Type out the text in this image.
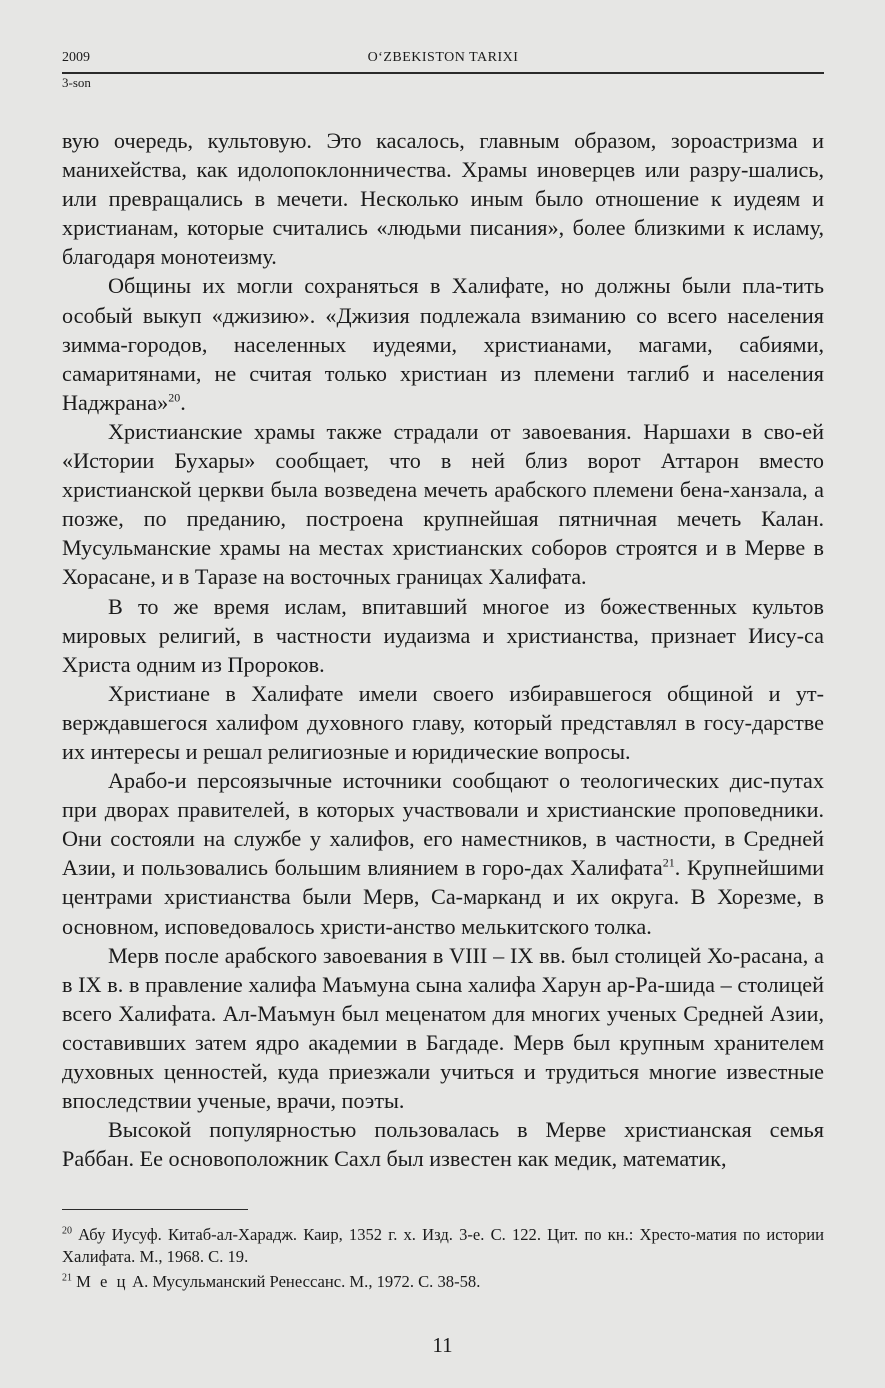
2009	O‘ZBEKISTON TARIXI
3-son

вую очередь, культовую. Это касалось, главным образом, зороастризма и манихейства, как идолопоклонничества. Храмы иноверцев или разру-шались, или превращались в мечети. Несколько иным было отношение к иудеям и христианам, которые считались «людьми писания», более близкими к исламу, благодаря монотеизму.

Общины их могли сохраняться в Халифате, но должны были пла-тить особый выкуп «джизию». «Джизия подлежала взиманию со всего населения зимма-городов, населенных иудеями, христианами, магами, сабиями, самаритянами, не считая только христиан из племени таглиб и населения Наджрана»$^{20}$.

Христианские храмы также страдали от завоевания. Наршахи в сво-ей «Истории Бухары» сообщает, что в ней близ ворот Аттарон вместо христианской церкви была возведена мечеть арабского племени бена-ханзала, а позже, по преданию, построена крупнейшая пятничная мечеть Калан. Мусульманские храмы на местах христианских соборов строятся и в Мерве в Хорасане, и в Таразе на восточных границах Халифата.

В то же время ислам, впитавший многое из божественных культов мировых религий, в частности иудаизма и христианства, признает Иису-са Христа одним из Пророков.

Христиане в Халифате имели своего избиравшегося общиной и ут-верждавшегося халифом духовного главу, который представлял в госу-дарстве их интересы и решал религиозные и юридические вопросы.

Арабо-и персоязычные источники сообщают о теологических дис-путах при дворах правителей, в которых участвовали и христианские проповедники. Они состояли на службе у халифов, его наместников, в частности, в Средней Азии, и пользовались большим влиянием в горо-дах Халифата$^{21}$. Крупнейшими центрами христианства были Мерв, Са-марканд и их округа. В Хорезме, в основном, исповедовалось христи-анство мелькитского толка.

Мерв после арабского завоевания в VIII – IX вв. был столицей Хо-расана, а в IX в. в правление халифа Маъмуна сына халифа Харун ар-Ра-шида – столицей всего Халифата. Ал-Маъмун был меценатом для многих ученых Средней Азии, составивших затем ядро академии в Багдаде. Мерв был крупным хранителем духовных ценностей, куда приезжали учиться и трудиться многие известные впоследствии ученые, врачи, поэты.

Высокой популярностью пользовалась в Мерве христианская семья Раббан. Ее основоположник Сахл был известен как медик, математик,

$^{20}$ Абу Иусуф. Китаб-ал-Харадж. Каир, 1352 г. х. Изд. 3-е. С. 122. Цит. по кн.: Хресто-матия по истории Халифата. М., 1968. С. 19.

$^{21}$ М е ц А. Мусульманский Ренессанс. М., 1972. С. 38-58.

11
